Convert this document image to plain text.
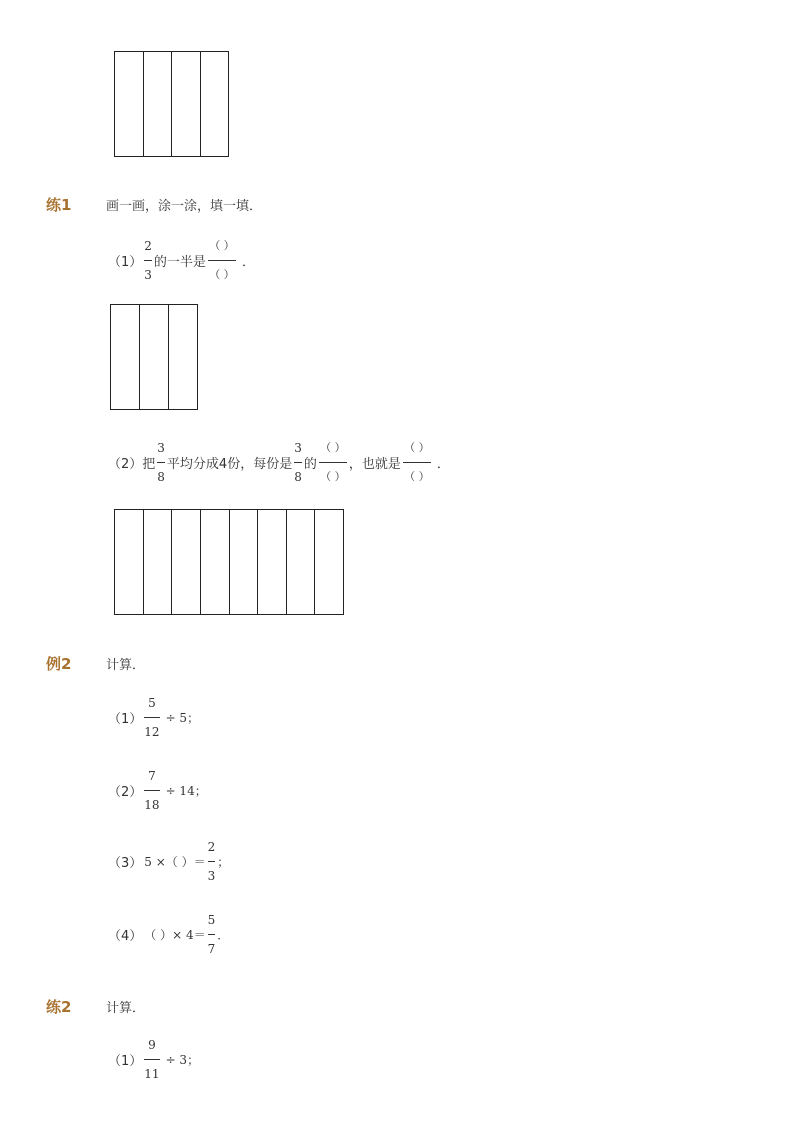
练1	画一画，涂一涂，填一填．
$(1) \frac{2}{3}$ 的一半是 $\frac{( )}{( )}$ ．
（2）把 $\frac{3}{8}$ 平均分成4份，每份是 $\frac{3}{8}$ 的 $\frac{( )}{( )}$ ，也就是 $\frac{( )}{( )}$ ．
例2	计算．
$(1) \frac{5}{12} \div 5$；
$(2) \frac{7}{18} \div 14$；
（3） 5 ×（ ）＝ $\frac{2}{3}$ ；
（4） （ ）× $4= \frac{5}{7}$ ．
练2	计算．
$(1) \frac{9}{11} \div 3$；
